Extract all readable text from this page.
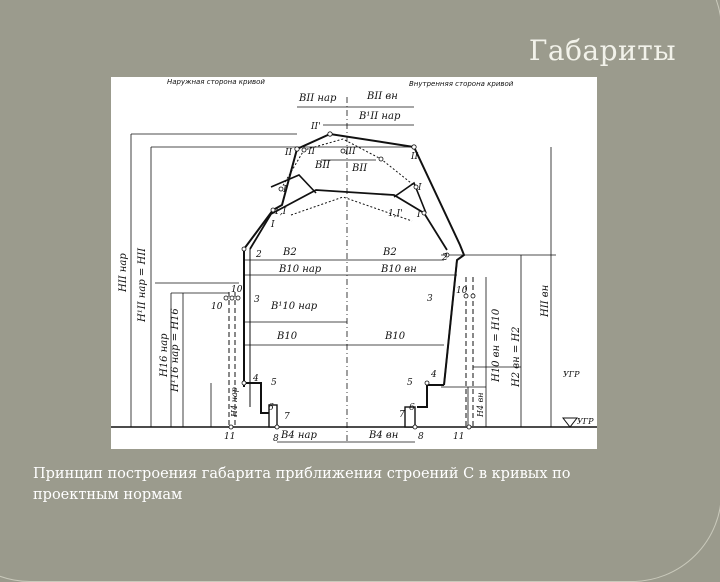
Габариты
Наружная сторона кривой	Внутренняя сторона кривой
УГР
BII нар	BII вн
B¹II нар
BII BII
B2	B2
B10 нар	B10 вн
B¹10 нар
B10	B10
B4 нар	B4 вн
УГР
HII нар H¹II нар = HII
H16 нар H¹16 нар = H16
H4 нар	H4 вн
H10 вн = H10 H2 вн = H2
HII вн
II'
II II	III	II
I	I
1,I	1,I'
I
I
2	2
3	3
4	4
5	5
6	6
7	7
8	8
10
10	10
11	11
Принцип построения габарита приближения строений С в кривых по проектным нормам
